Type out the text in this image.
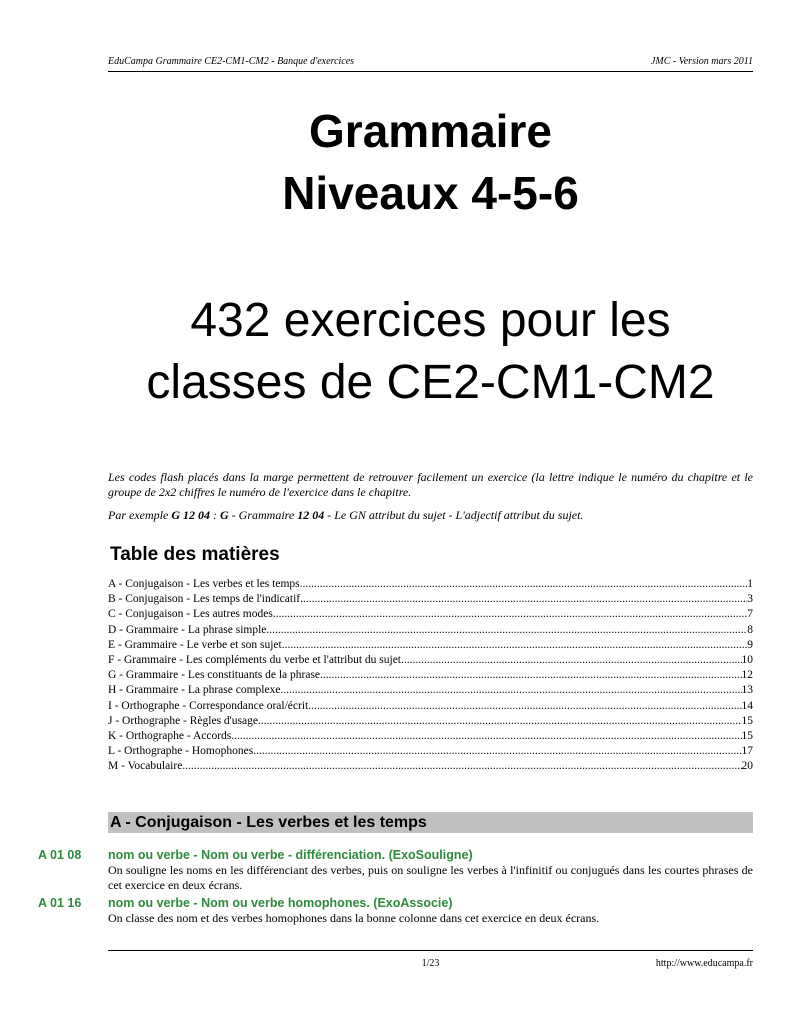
EduCampa Grammaire CE2-CM1-CM2 - Banque d'exercices	JMC - Version mars 2011
Grammaire
Niveaux 4-5-6
432 exercices pour les
classes de CE2-CM1-CM2
Les codes flash placés dans la marge permettent de retrouver facilement un exercice (la lettre indique le numéro du chapitre et le groupe de 2x2 chiffres le numéro de l'exercice dans le chapitre.
Par exemple G 12 04 : G - Grammaire 12 04 - Le GN attribut du sujet - L'adjectif attribut du sujet.
Table des matières
A - Conjugaison - Les verbes et les temps .....	1
B - Conjugaison - Les temps de l'indicatif .....	3
C - Conjugaison - Les autres modes .....	7
D - Grammaire - La phrase simple .....	8
E - Grammaire - Le verbe et son sujet .....	9
F - Grammaire - Les compléments du verbe et l'attribut du sujet .....	10
G - Grammaire - Les constituants de la phrase .....	12
H - Grammaire - La phrase complexe .....	13
I - Orthographe - Correspondance oral/écrit .....	14
J - Orthographe - Règles d'usage .....	15
K - Orthographe - Accords .....	15
L - Orthographe - Homophones .....	17
M - Vocabulaire .....	20
A - Conjugaison - Les verbes et les temps
A 01 08 nom ou verbe - Nom ou verbe - différenciation. (ExoSouligne)
On souligne les noms en les différenciant des verbes, puis on souligne les verbes à l'infinitif ou conjugués dans les courtes phrases de cet exercice en deux écrans.
A 01 16 nom ou verbe - Nom ou verbe homophones. (ExoAssocie)
On classe des nom et des verbes homophones dans la bonne colonne dans cet exercice en deux écrans.
1/23	http://www.educampa.fr
